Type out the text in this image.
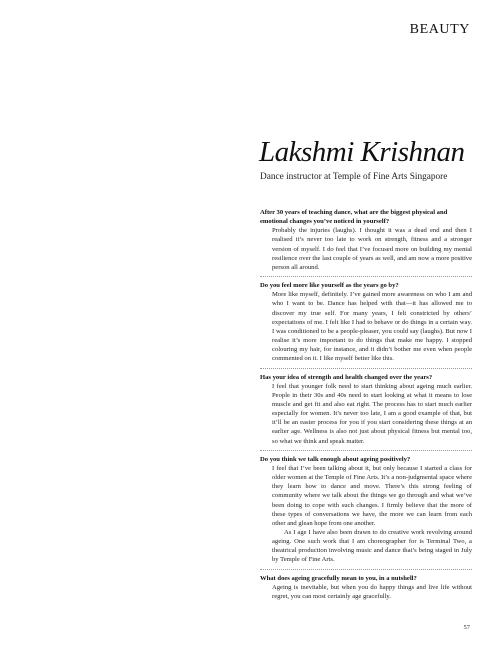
BEAUTY
Lakshmi Krishnan
Dance instructor at Temple of Fine Arts Singapore

After 30 years of teaching dance, what are the biggest physical and emotional changes you’ve noticed in yourself?

Probably the injuries (laughs). I thought it was a dead end and then I realised it’s never too late to work on strength, fitness and a stronger version of myself. I do feel that I’ve focused more on building my mental resilience over the last couple of years as well, and am now a more positive person all around.

Do you feel more like yourself as the years go by?

More like myself, definitely. I’ve gained more awareness on who I am and who I want to be. Dance has helped with that—it has allowed me to discover my true self. For many years, I felt constricted by others’ expectations of me. I felt like I had to behave or do things in a certain way. I was conditioned to be a people-pleaser, you could say (laughs). But now I realise it’s more important to do things that make me happy. I stopped colouring my hair, for instance, and it didn’t bother me even when people commented on it. I like myself better like this.

Has your idea of strength and health changed over the years?

I feel that younger folk need to start thinking about ageing much earlier. People in their 30s and 40s need to start looking at what it means to lose muscle and get fit and also eat right. The process has to start much earlier especially for women. It’s never too late, I am a good example of that, but it’ll be an easier process for you if you start considering these things at an earlier age. Wellness is also not just about physical fitness but mental too, so what we think and speak matter.

Do you think we talk enough about ageing positively?

I feel that I’ve been talking about it, but only because I started a class for older women at the Temple of Fine Arts. It’s a non-judgmental space where they learn how to dance and move. There’s this strong feeling of community where we talk about the things we go through and what we’ve been doing to cope with such changes. I firmly believe that the more of these types of conversations we have, the more we can learn from each other and glean hope from one another.

As I age I have also been drawn to do creative work revolving around ageing. One such work that I am choreographer for is Terminal Two, a theatrical production involving music and dance that’s being staged in July by Temple of Fine Arts.

What does ageing gracefully mean to you, in a nutshell?

Ageing is inevitable, but when you do happy things and live life without regret, you can most certainly age gracefully.

57
